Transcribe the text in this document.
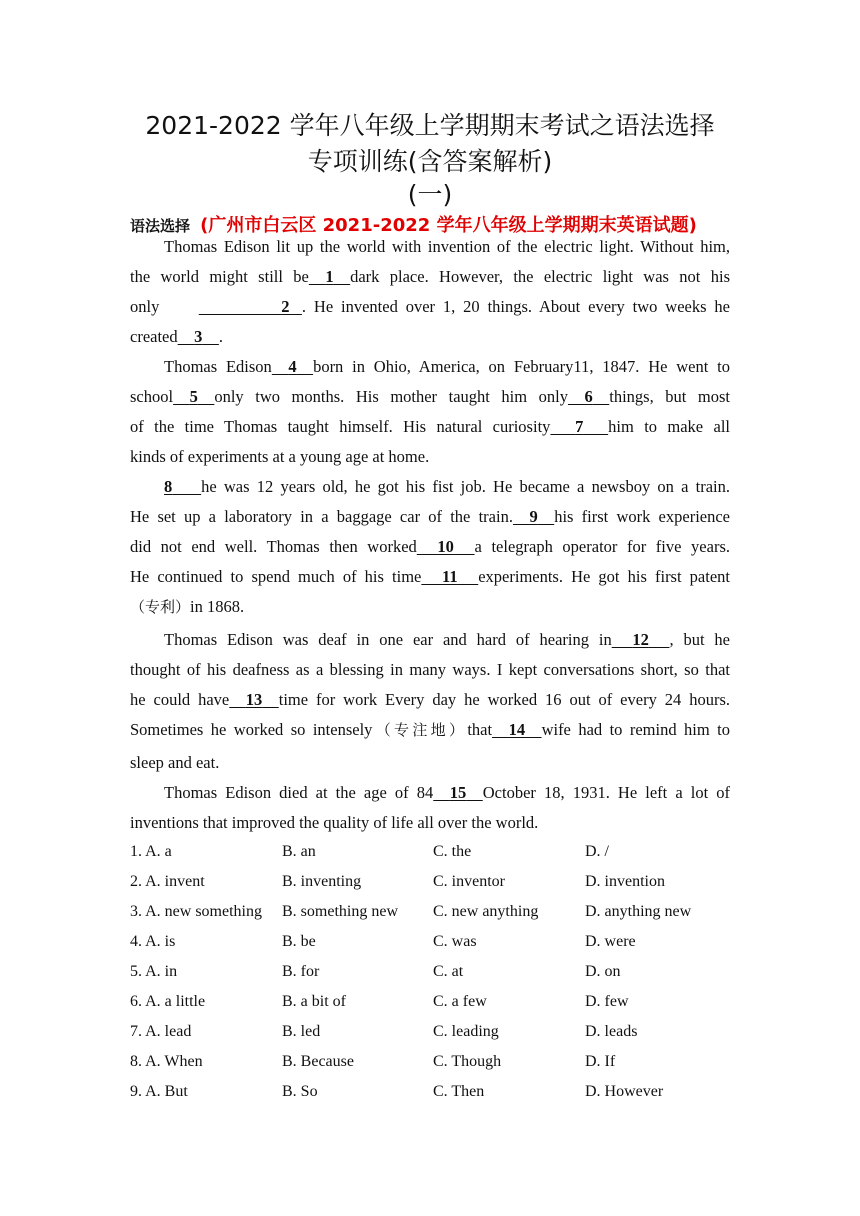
2021-2022 学年八年级上学期期末考试之语法选择
专项训练(含答案解析)
(一)
语法选择 (广州市白云区 2021-2022 学年八年级上学期期末英语试题)
Thomas Edison lit up the world with invention of the electric light. Without him,
the world might still be 1 dark place. However, the electric light was not his
only	2 . He invented over 1, 20 things. About every two weeks he
created 3 .
Thomas Edison 4 born in Ohio, America, on February11, 1847. He went to
school 5 only two months. His mother taught him only 6 things, but most
of the time Thomas taught himself. His natural curiosity 7 him to make all
kinds of experiments at a young age at home.
8 he was 12 years old, he got his fist job. He became a newsboy on a train.
He set up a laboratory in a baggage car of the train. 9 his first work experience
did not end well. Thomas then worked 10 a telegraph operator for five years.
He continued to spend much of his time 11 experiments. He got his first patent
（专利）in 1868.
Thomas Edison was deaf in one ear and hard of hearing in 12 , but he
thought of his deafness as a blessing in many ways. I kept conversations short, so that
he could have 13 time for work Every day he worked 16 out of every 24 hours.
Sometimes he worked so intensely（专注地）that 14 wife had to remind him to
sleep and eat.
Thomas Edison died at the age of 84 15 October 18, 1931. He left a lot of
inventions that improved the quality of life all over the world.
1. A. a	B. an	C. the	D. /
2. A. invent	B. inventing	C. inventor	D. invention
3. A. new something B. something new C. new anything	D. anything new
4. A. is	B. be	C. was	D. were
5. A. in	B. for	C. at	D. on
6. A. a little	B. a bit of	C. a few	D. few
7. A. lead	B. led	C. leading	D. leads
8. A. When	B. Because	C. Though	D. If
9. A. But	B. So	C. Then	D. However
